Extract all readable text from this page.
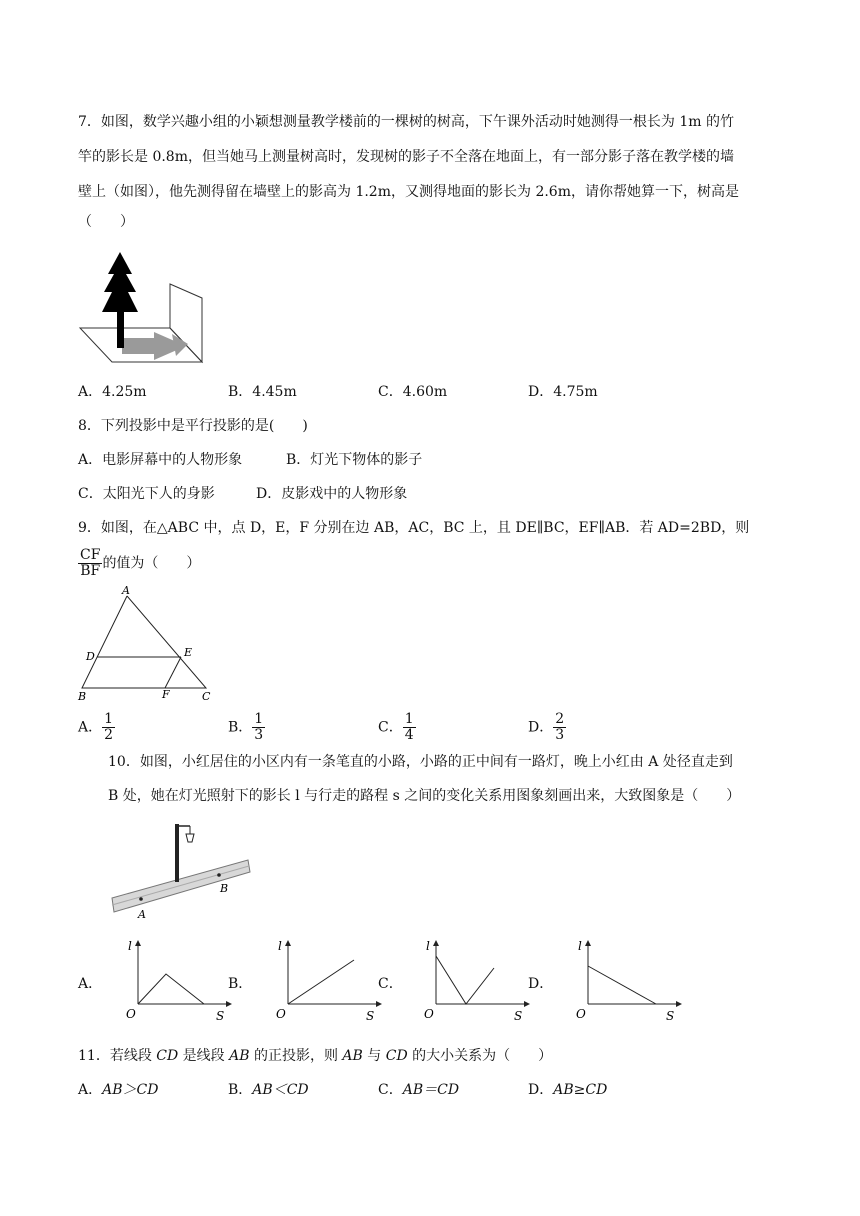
7．如图，数学兴趣小组的小颖想测量教学楼前的一棵树的树高，下午课外活动时她测得一根长为 1m 的竹
竿的影长是 0.8m，但当她马上测量树高时，发现树的影子不全落在地面上，有一部分影子落在教学楼的墙
壁上（如图），他先测得留在墙壁上的影高为 1.2m，又测得地面的影长为 2.6m，请你帮她算一下，树高是
（　　）
A．4.25m	B．4.45m	C．4.60m	D．4.75m
8．下列投影中是平行投影的是(　　)
A．电影屏幕中的人物形象	B．灯光下物体的影子
C．太阳光下人的身影	D．皮影戏中的人物形象
9．如图，在△ABC 中，点 D，E，F 分别在边 AB，AC，BC 上，且 DE∥BC，EF∥AB．若 AD=2BD，则
$\frac{CF}{BF}$ 的值为（　　）
A
D	E
B	F	C
A． $\frac{1}{2}$	B． $\frac{1}{3}$	C． $\frac{1}{4}$	D． $\frac{2}{3}$
10．如图，小红居住的小区内有一条笔直的小路，小路的正中间有一路灯，晚上小红由 A 处径直走到
B 处，她在灯光照射下的影长 l 与行走的路程 s 之间的变化关系用图象刻画出来，大致图象是（　　）
A
B
A．
l
O	S
B．
l
O	S
C．
l
O	S
D．
l
O	S
11．若线段 CD 是线段 AB 的正投影，则 AB 与 CD 的大小关系为（　　）
A．AB＞CD	B．AB＜CD	C．AB＝CD	D．AB≥CD
